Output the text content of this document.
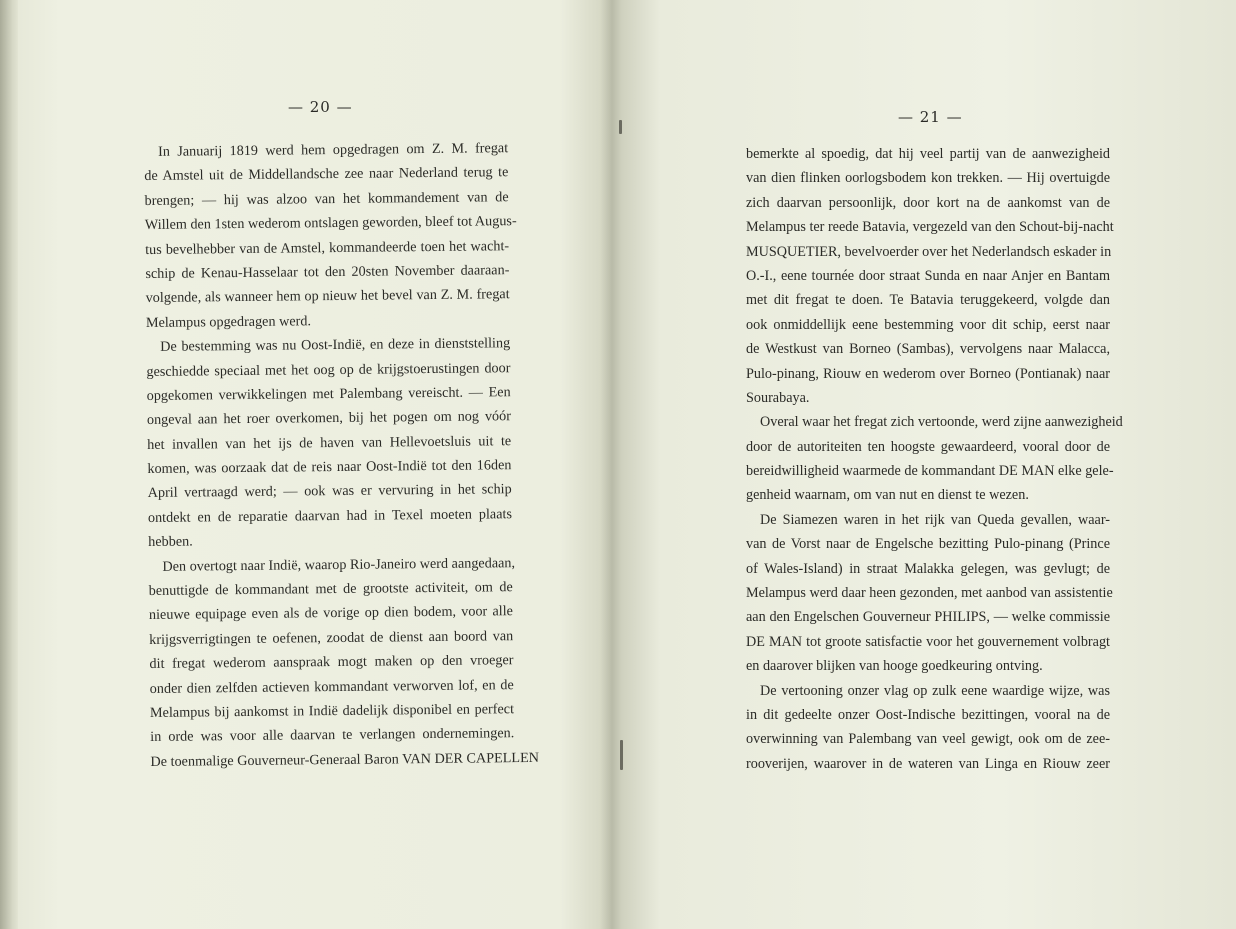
— 20 —
In Januarij 1819 werd hem opgedragen om Z. M. fregat
de Amstel uit de Middellandsche zee naar Nederland terug te
brengen; — hij was alzoo van het kommandement van de
Willem den 1sten wederom ontslagen geworden, bleef tot Augus-
tus bevelhebber van de Amstel, kommandeerde toen het wacht-
schip de Kenau-Hasselaar tot den 20sten November daaraan-
volgende, als wanneer hem op nieuw het bevel van Z. M. fregat
Melampus opgedragen werd.
De bestemming was nu Oost-Indië, en deze in dienststelling
geschiedde speciaal met het oog op de krijgstoerustingen door
opgekomen verwikkelingen met Palembang vereischt. — Een
ongeval aan het roer overkomen, bij het pogen om nog vóór
het invallen van het ijs de haven van Hellevoetsluis uit te
komen, was oorzaak dat de reis naar Oost-Indië tot den 16den
April vertraagd werd; — ook was er vervuring in het schip
ontdekt en de reparatie daarvan had in Texel moeten plaats
hebben.
Den overtogt naar Indië, waarop Rio-Janeiro werd aangedaan,
benuttigde de kommandant met de grootste activiteit, om de
nieuwe equipage even als de vorige op dien bodem, voor alle
krijgsverrigtingen te oefenen, zoodat de dienst aan boord van
dit fregat wederom aanspraak mogt maken op den vroeger
onder dien zelfden actieven kommandant verworven lof, en de
Melampus bij aankomst in Indië dadelijk disponibel en perfect
in orde was voor alle daarvan te verlangen ondernemingen.
De toenmalige Gouverneur-Generaal Baron VAN DER CAPELLEN
— 21 —
bemerkte al spoedig, dat hij veel partij van de aanwezigheid
van dien flinken oorlogsbodem kon trekken. — Hij overtuigde
zich daarvan persoonlijk, door kort na de aankomst van de
Melampus ter reede Batavia, vergezeld van den Schout-bij-nacht
MUSQUETIER, bevelvoerder over het Nederlandsch eskader in
O.-I., eene tournée door straat Sunda en naar Anjer en Bantam
met dit fregat te doen. Te Batavia teruggekeerd, volgde dan
ook onmiddellijk eene bestemming voor dit schip, eerst naar
de Westkust van Borneo (Sambas), vervolgens naar Malacca,
Pulo-pinang, Riouw en wederom over Borneo (Pontianak) naar
Sourabaya.
Overal waar het fregat zich vertoonde, werd zijne aanwezigheid
door de autoriteiten ten hoogste gewaardeerd, vooral door de
bereidwilligheid waarmede de kommandant DE MAN elke gele-
genheid waarnam, om van nut en dienst te wezen.
De Siamezen waren in het rijk van Queda gevallen, waar-
van de Vorst naar de Engelsche bezitting Pulo-pinang (Prince
of Wales-Island) in straat Malakka gelegen, was gevlugt; de
Melampus werd daar heen gezonden, met aanbod van assistentie
aan den Engelschen Gouverneur PHILIPS, — welke commissie
DE MAN tot groote satisfactie voor het gouvernement volbragt
en daarover blijken van hooge goedkeuring ontving.
De vertooning onzer vlag op zulk eene waardige wijze, was
in dit gedeelte onzer Oost-Indische bezittingen, vooral na de
overwinning van Palembang van veel gewigt, ook om de zee-
rooverijen, waarover in de wateren van Linga en Riouw zeer
